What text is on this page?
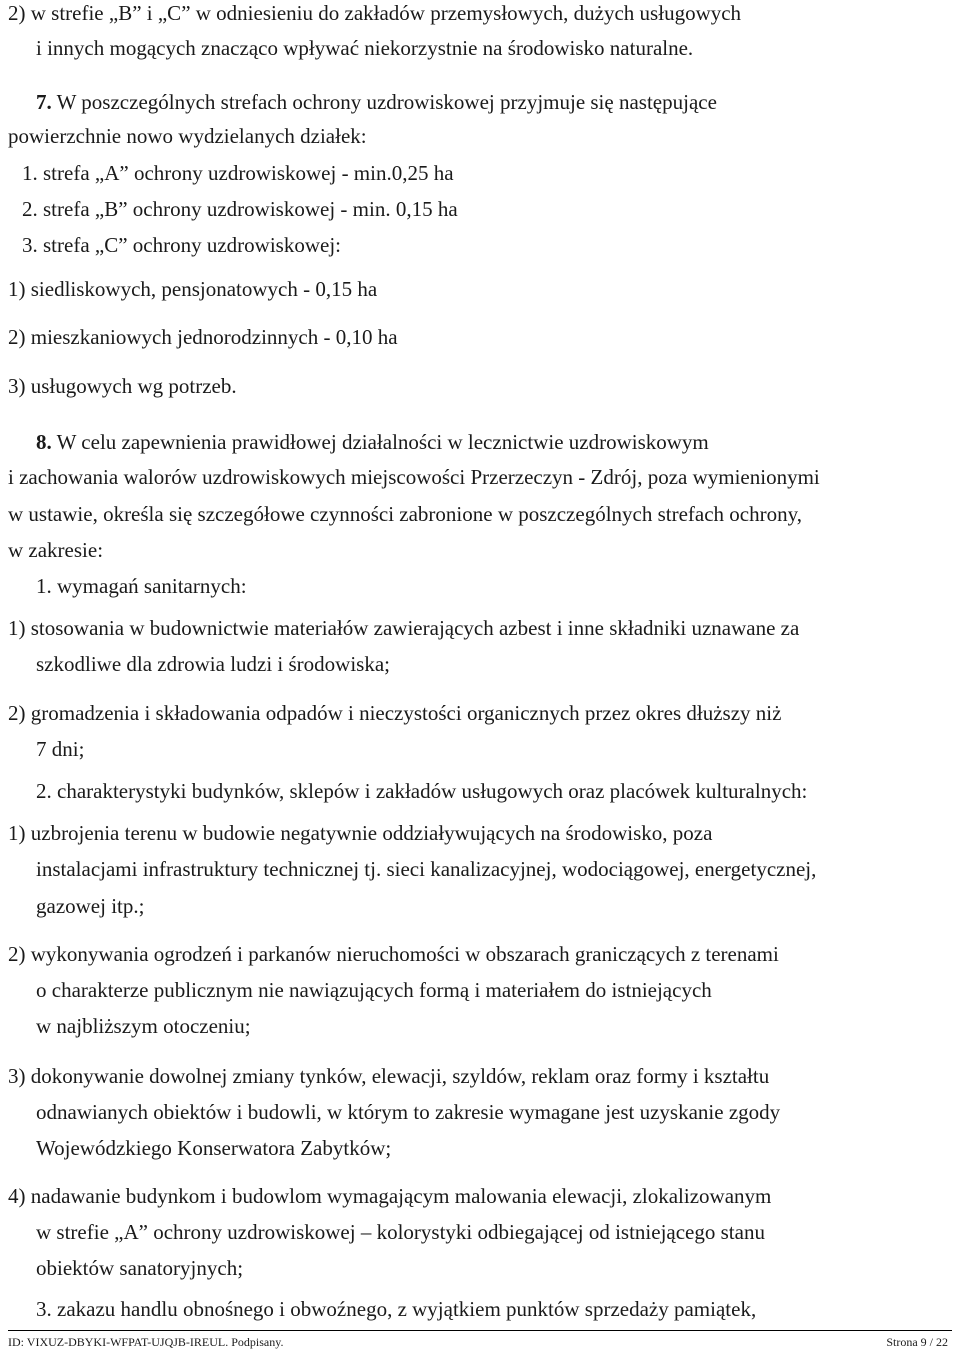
2) w strefie „B” i „C” w odniesieniu do zakładów przemysłowych, dużych usługowych
i innych mogących znacząco wpływać niekorzystnie na środowisko naturalne.
7. W poszczególnych strefach ochrony uzdrowiskowej przyjmuje się następujące
powierzchnie nowo wydzielanych działek:
1. strefa „A” ochrony uzdrowiskowej - min.0,25 ha
2. strefa „B” ochrony uzdrowiskowej - min. 0,15 ha
3. strefa „C” ochrony uzdrowiskowej:
1) siedliskowych, pensjonatowych - 0,15 ha
2) mieszkaniowych jednorodzinnych - 0,10 ha
3) usługowych wg potrzeb.
8. W celu zapewnienia prawidłowej działalności w lecznictwie uzdrowiskowym
i zachowania walorów uzdrowiskowych miejscowości Przerzeczyn - Zdrój, poza wymienionymi
w ustawie, określa się szczegółowe czynności zabronione w poszczególnych strefach ochrony,
w zakresie:
1. wymagań sanitarnych:
1) stosowania w budownictwie materiałów zawierających azbest i inne składniki uznawane za
szkodliwe dla zdrowia ludzi i środowiska;
2) gromadzenia i składowania odpadów i nieczystości organicznych przez okres dłuższy niż
7 dni;
2. charakterystyki budynków, sklepów i zakładów usługowych oraz placówek kulturalnych:
1) uzbrojenia terenu w budowie negatywnie oddziaływujących na środowisko, poza
instalacjami infrastruktury technicznej tj. sieci kanalizacyjnej, wodociągowej, energetycznej,
gazowej itp.;
2) wykonywania ogrodzeń i parkanów nieruchomości w obszarach graniczących z terenami
o charakterze publicznym nie nawiązujących formą i materiałem do istniejących
w najbliższym otoczeniu;
3) dokonywanie dowolnej zmiany tynków, elewacji, szyldów, reklam oraz formy i kształtu
odnawianych obiektów i budowli, w którym to zakresie wymagane jest uzyskanie zgody
Wojewódzkiego Konserwatora Zabytków;
4) nadawanie budynkom i budowlom wymagającym malowania elewacji, zlokalizowanym
w strefie „A” ochrony uzdrowiskowej – kolorystyki odbiegającej od istniejącego stanu
obiektów sanatoryjnych;
3. zakazu handlu obnośnego i obwoźnego, z wyjątkiem punktów sprzedaży pamiątek,
ID: VIXUZ-DBYKI-WFPAT-UJQJB-IREUL. Podpisany.	Strona 9 / 22
